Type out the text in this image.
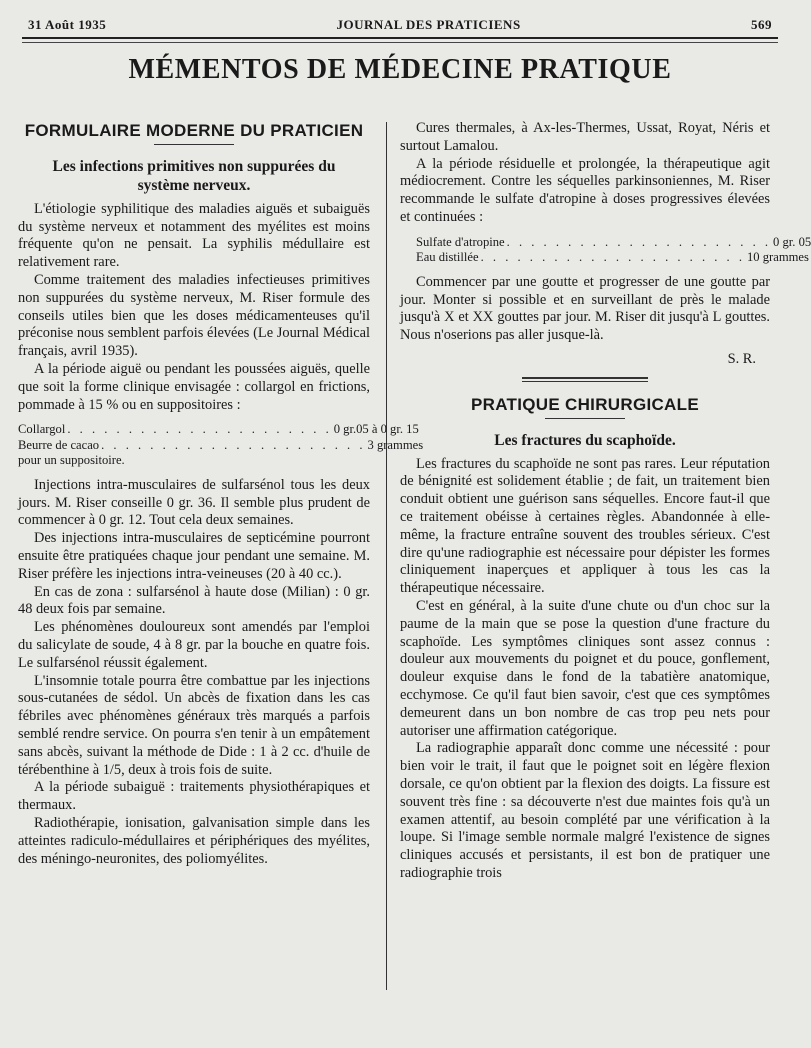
31 Août 1935	JOURNAL DES PRATICIENS	569
MÉMENTOS DE MÉDECINE PRATIQUE
FORMULAIRE MODERNE DU PRATICIEN
Les infections primitives non suppurées du système nerveux.

L'étiologie syphilitique des maladies aiguës et subaiguës du système nerveux et notamment des myélites est moins fréquente qu'on ne pensait. La syphilis médullaire est relativement rare.

Comme traitement des maladies infectieuses primitives non suppurées du système nerveux, M. Riser formule des conseils utiles bien que les doses médicamenteuses qu'il préconise nous semblent parfois élevées (Le Journal Médical français, avril 1935).

A la période aiguë ou pendant les poussées aiguës, quelle que soit la forme clinique envisagée : collargol en frictions, pommade à 15 % ou en suppositoires :

Collargol . . . . . . . . . . . . . . . . . . . . . . 0 gr.05 à 0 gr. 15
Beurre de cacao . . . . . . . . . . . . . . . . . . . . . . 3 grammes
pour un suppositoire.

Injections intra-musculaires de sulfarsénol tous les deux jours. M. Riser conseille 0 gr. 36. Il semble plus prudent de commencer à 0 gr. 12. Tout cela deux semaines.

Des injections intra-musculaires de septicémine pourront ensuite être pratiquées chaque jour pendant une semaine. M. Riser préfère les injections intra-veineuses (20 à 40 cc.).

En cas de zona : sulfarsénol à haute dose (Milian) : 0 gr. 48 deux fois par semaine.

Les phénomènes douloureux sont amendés par l'emploi du salicylate de soude, 4 à 8 gr. par la bouche en quatre fois. Le sulfarsénol réussit également.

L'insomnie totale pourra être combattue par les injections sous-cutanées de sédol. Un abcès de fixation dans les cas fébriles avec phénomènes généraux très marqués a parfois semblé rendre service. On pourra s'en tenir à un empâtement sans abcès, suivant la méthode de Dide : 1 à 2 cc. d'huile de térébenthine à 1/5, deux à trois fois de suite.

A la période subaiguë : traitements physiothérapiques et thermaux.

Radiothérapie, ionisation, galvanisation simple dans les atteintes radiculo-médullaires et périphériques des myélites, des méningo-neuronites, des poliomyélites.

Cures thermales, à Ax-les-Thermes, Ussat, Royat, Néris et surtout Lamalou.

A la période résiduelle et prolongée, la thérapeutique agit médiocrement. Contre les séquelles parkinsoniennes, M. Riser recommande le sulfate d'atropine à doses progressives élevées et continuées :

Sulfate d'atropine . . . . . . . . . . . . . . . . . . . . . . 0 gr. 05
Eau distillée . . . . . . . . . . . . . . . . . . . . . . 10 grammes

Commencer par une goutte et progresser de une goutte par jour. Monter si possible et en surveillant de près le malade jusqu'à X et XX gouttes par jour. M. Riser dit jusqu'à L gouttes. Nous n'oserions pas aller jusque-là.

S. R.
PRATIQUE CHIRURGICALE
Les fractures du scaphoïde.

Les fractures du scaphoïde ne sont pas rares. Leur réputation de bénignité est solidement établie ; de fait, un traitement bien conduit obtient une guérison sans séquelles. Encore faut-il que ce traitement obéisse à certaines règles. Abandonnée à elle-même, la fracture entraîne souvent des troubles sérieux. C'est dire qu'une radiographie est nécessaire pour dépister les formes cliniquement inaperçues et appliquer à tous les cas la thérapeutique nécessaire.

C'est en général, à la suite d'une chute ou d'un choc sur la paume de la main que se pose la question d'une fracture du scaphoïde. Les symptômes cliniques sont assez connus : douleur aux mouvements du poignet et du pouce, gonflement, douleur exquise dans le fond de la tabatière anatomique, ecchymose. Ce qu'il faut bien savoir, c'est que ces symptômes demeurent dans un bon nombre de cas trop peu nets pour autoriser une affirmation catégorique.

La radiographie apparaît donc comme une nécessité : pour bien voir le trait, il faut que le poignet soit en légère flexion dorsale, ce qu'on obtient par la flexion des doigts. La fissure est souvent très fine : sa découverte n'est due maintes fois qu'à un examen attentif, au besoin complété par une vérification à la loupe. Si l'image semble normale malgré l'existence de signes cliniques accusés et persistants, il est bon de pratiquer une radiographie trois
